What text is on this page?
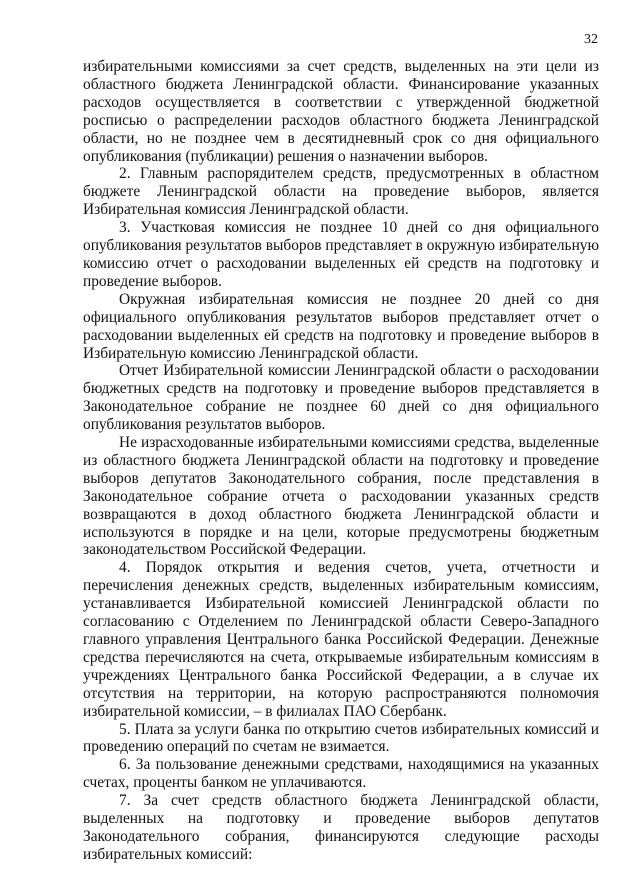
32

избирательными комиссиями за счет средств, выделенных на эти цели из областного бюджета Ленинградской области. Финансирование указанных расходов осуществляется в соответствии с утвержденной бюджетной росписью о распределении расходов областного бюджета Ленинградской области, но не позднее чем в десятидневный срок со дня официального опубликования (публикации) решения о назначении выборов.

2. Главным распорядителем средств, предусмотренных в областном бюджете Ленинградской области на проведение выборов, является Избирательная комиссия Ленинградской области.

3. Участковая комиссия не позднее 10 дней со дня официального опубликования результатов выборов представляет в окружную избирательную комиссию отчет о расходовании выделенных ей средств на подготовку и проведение выборов.

Окружная избирательная комиссия не позднее 20 дней со дня официального опубликования результатов выборов представляет отчет о расходовании выделенных ей средств на подготовку и проведение выборов в Избирательную комиссию Ленинградской области.

Отчет Избирательной комиссии Ленинградской области о расходовании бюджетных средств на подготовку и проведение выборов представляется в Законодательное собрание не позднее 60 дней со дня официального опубликования результатов выборов.

Не израсходованные избирательными комиссиями средства, выделенные из областного бюджета Ленинградской области на подготовку и проведение выборов депутатов Законодательного собрания, после представления в Законодательное собрание отчета о расходовании указанных средств возвращаются в доход областного бюджета Ленинградской области и используются в порядке и на цели, которые предусмотрены бюджетным законодательством Российской Федерации.

4. Порядок открытия и ведения счетов, учета, отчетности и перечисления денежных средств, выделенных избирательным комиссиям, устанавливается Избирательной комиссией Ленинградской области по согласованию с Отделением по Ленинградской области Северо-Западного главного управления Центрального банка Российской Федерации. Денежные средства перечисляются на счета, открываемые избирательным комиссиям в учреждениях Центрального банка Российской Федерации, а в случае их отсутствия на территории, на которую распространяются полномочия избирательной комиссии, – в филиалах ПАО Сбербанк.

5. Плата за услуги банка по открытию счетов избирательных комиссий и проведению операций по счетам не взимается.

6. За пользование денежными средствами, находящимися на указанных счетах, проценты банком не уплачиваются.

7. За счет средств областного бюджета Ленинградской области, выделенных на подготовку и проведение выборов депутатов Законодательного собрания, финансируются следующие расходы избирательных комиссий:
